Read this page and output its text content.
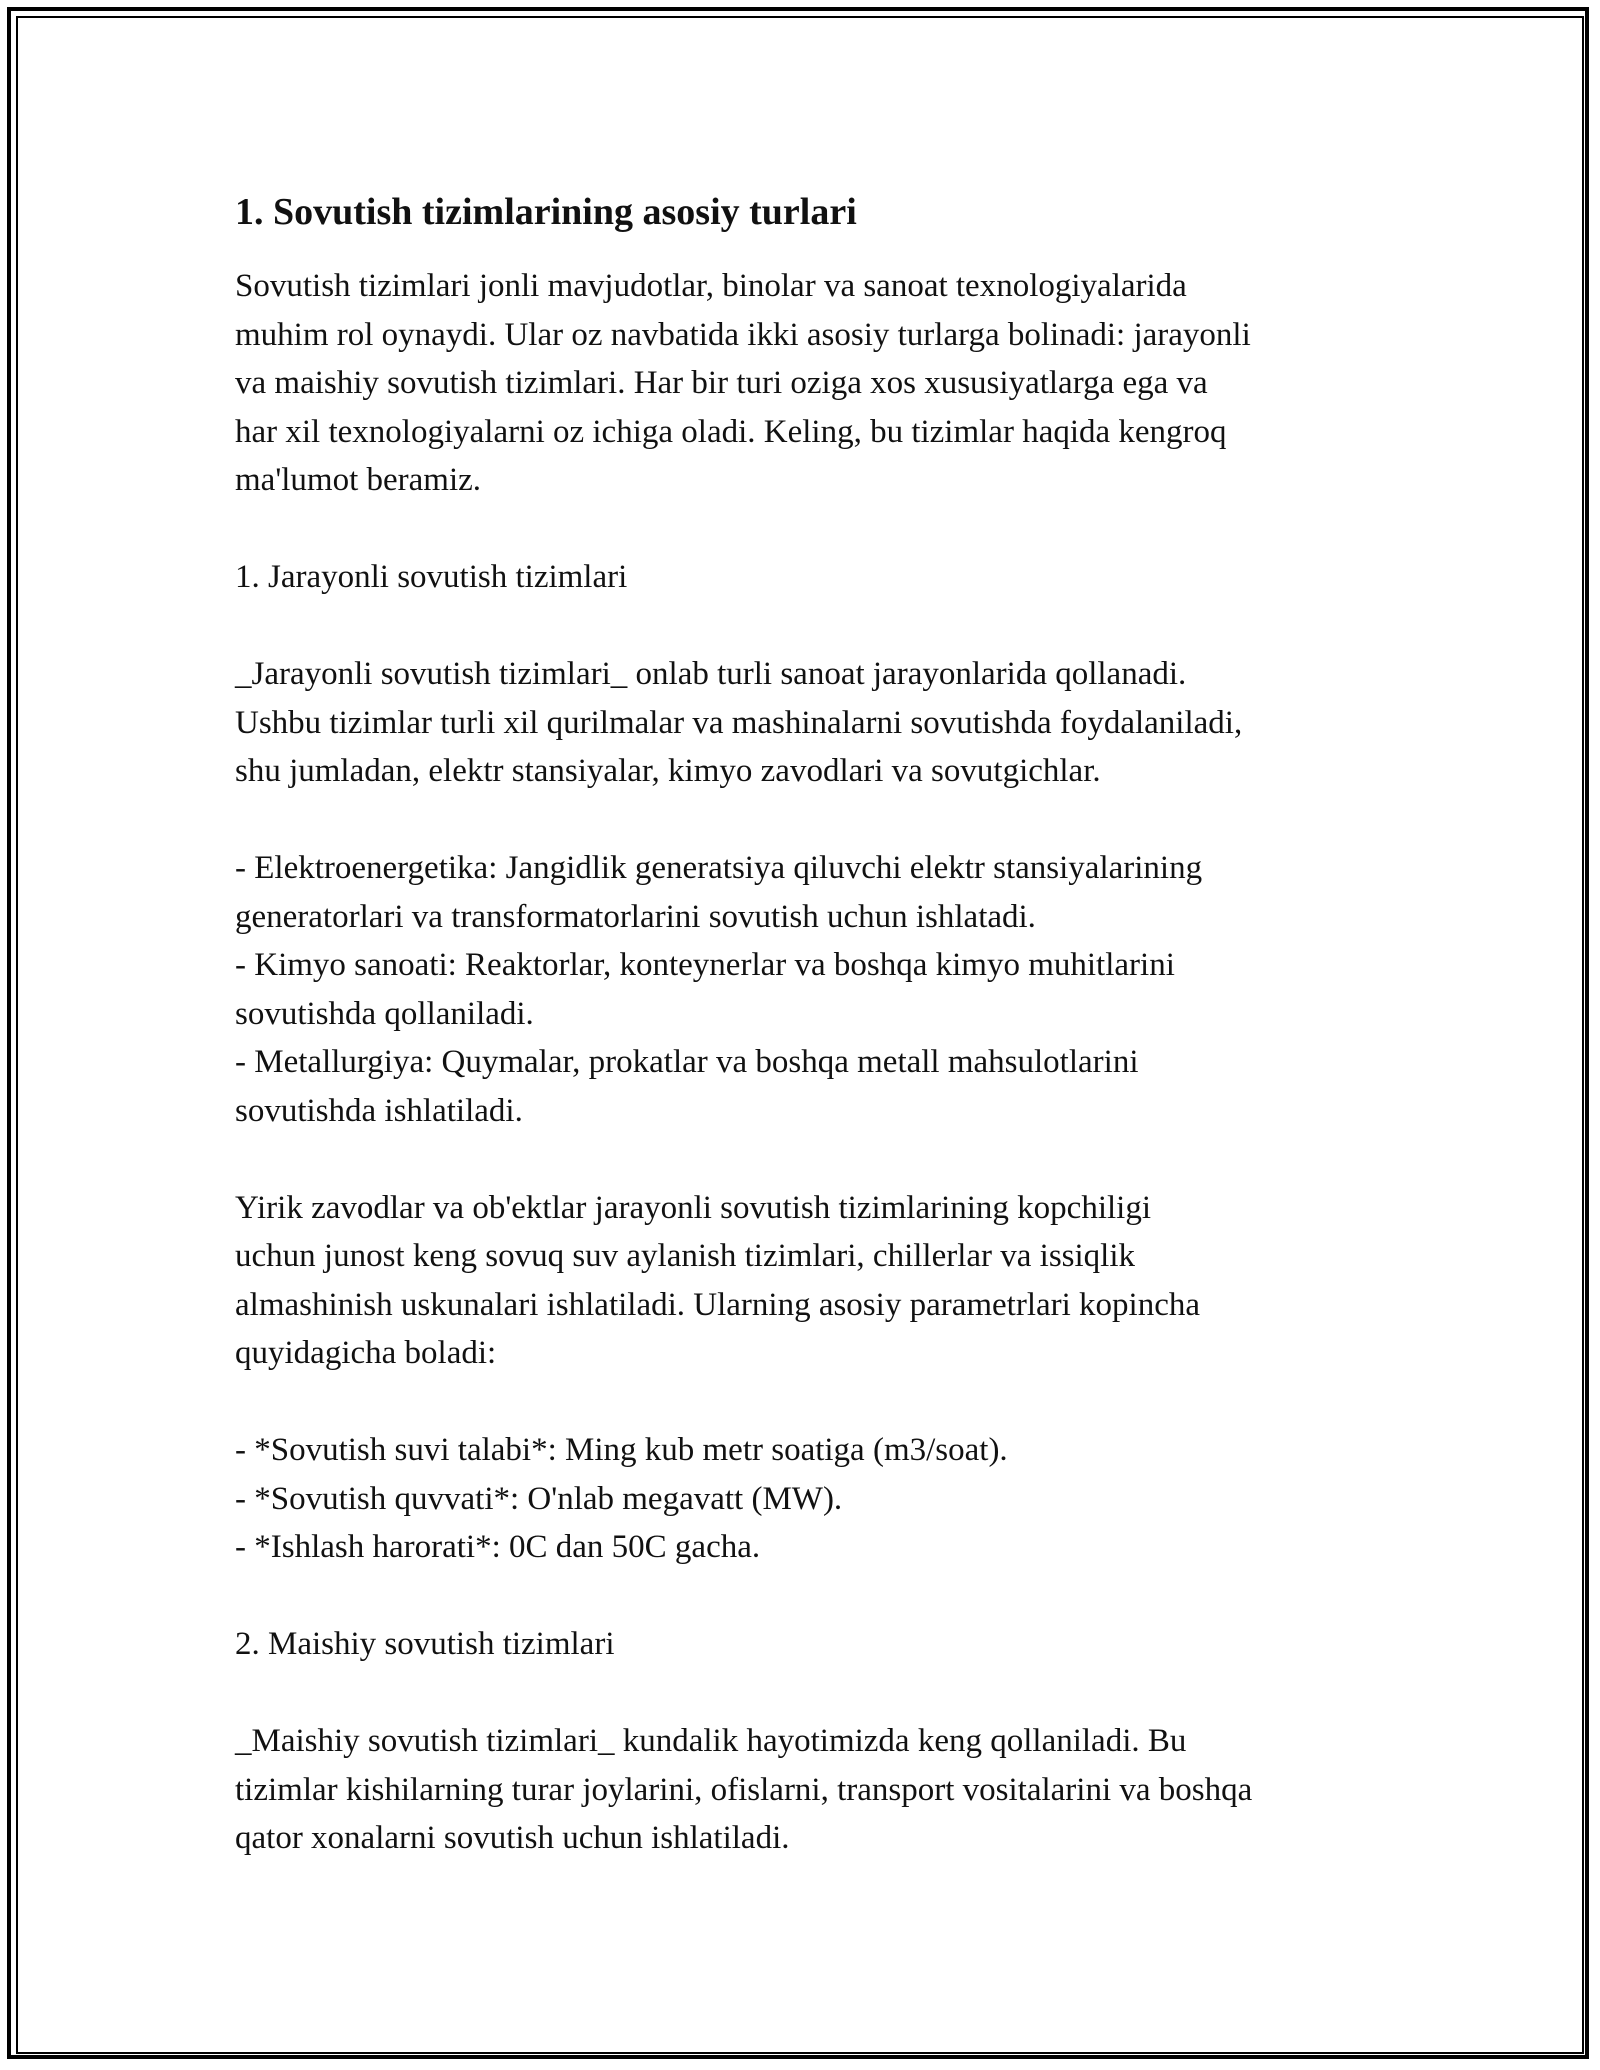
1. Sovutish tizimlarining asosiy turlari

Sovutish tizimlari jonli mavjudotlar, binolar va sanoat texnologiyalarida
muhim rol oynaydi. Ular oz navbatida ikki asosiy turlarga bolinadi: jarayonli
va maishiy sovutish tizimlari. Har bir turi oziga xos xususiyatlarga ega va
har xil texnologiyalarni oz ichiga oladi. Keling, bu tizimlar haqida kengroq
ma'lumot beramiz.

1. Jarayonli sovutish tizimlari

_Jarayonli sovutish tizimlari_ onlab turli sanoat jarayonlarida qollanadi.
Ushbu tizimlar turli xil qurilmalar va mashinalarni sovutishda foydalaniladi,
shu jumladan, elektr stansiyalar, kimyo zavodlari va sovutgichlar.

- Elektroenergetika: Jangidlik generatsiya qiluvchi elektr stansiyalarining
generatorlari va transformatorlarini sovutish uchun ishlatadi.
- Kimyo sanoati: Reaktorlar, konteynerlar va boshqa kimyo muhitlarini
sovutishda qollaniladi.
- Metallurgiya: Quymalar, prokatlar va boshqa metall mahsulotlarini
sovutishda ishlatiladi.

Yirik zavodlar va ob'ektlar jarayonli sovutish tizimlarining kopchiligi
uchun junost keng sovuq suv aylanish tizimlari, chillerlar va issiqlik
almashinish uskunalari ishlatiladi. Ularning asosiy parametrlari kopincha
quyidagicha boladi:

- *Sovutish suvi talabi*: Ming kub metr soatiga (m3/soat).
- *Sovutish quvvati*: O'nlab megavatt (MW).
- *Ishlash harorati*: 0C dan 50C gacha.

2. Maishiy sovutish tizimlari

_Maishiy sovutish tizimlari_ kundalik hayotimizda keng qollaniladi. Bu
tizimlar kishilarning turar joylarini, ofislarni, transport vositalarini va boshqa
qator xonalarni sovutish uchun ishlatiladi.
